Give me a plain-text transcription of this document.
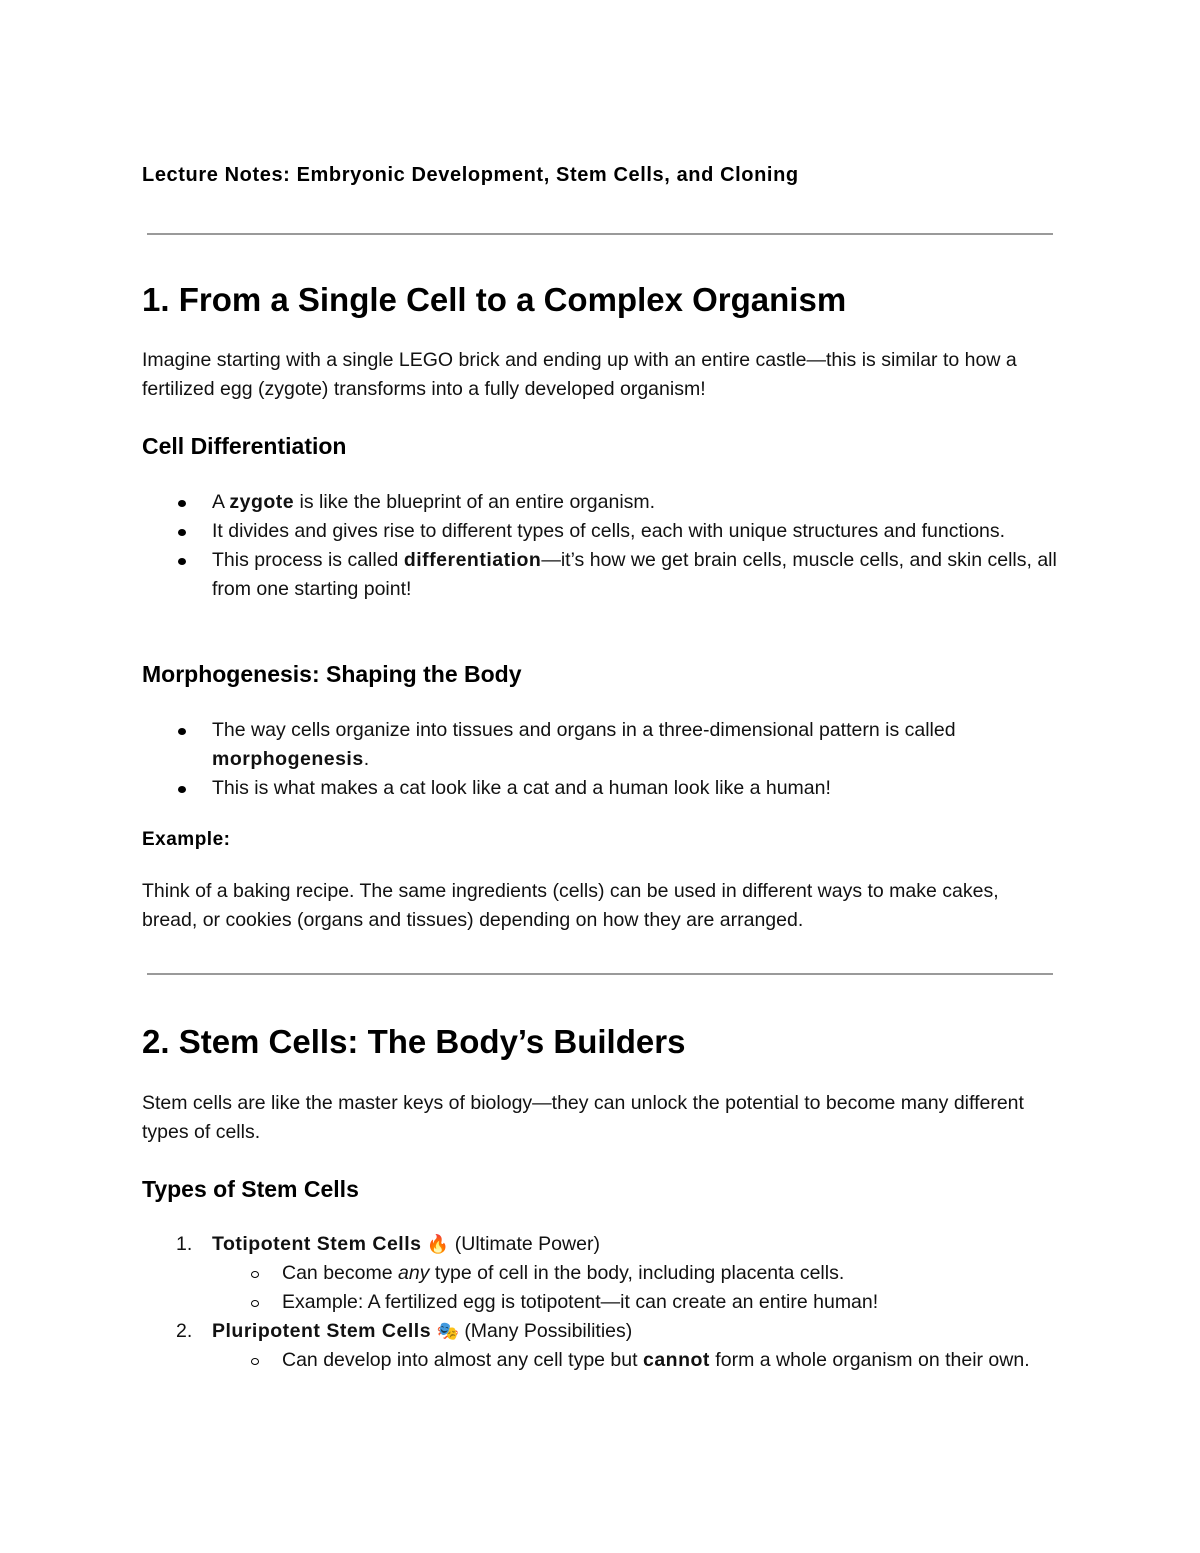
Lecture Notes: Embryonic Development, Stem Cells, and Cloning
1. From a Single Cell to a Complex Organism
Imagine starting with a single LEGO brick and ending up with an entire castle—this is similar to how a fertilized egg (zygote) transforms into a fully developed organism!
Cell Differentiation
A zygote is like the blueprint of an entire organism.
It divides and gives rise to different types of cells, each with unique structures and functions.
This process is called differentiation—it’s how we get brain cells, muscle cells, and skin cells, all from one starting point!
Morphogenesis: Shaping the Body
The way cells organize into tissues and organs in a three-dimensional pattern is called morphogenesis.
This is what makes a cat look like a cat and a human look like a human!
Example:
Think of a baking recipe. The same ingredients (cells) can be used in different ways to make cakes, bread, or cookies (organs and tissues) depending on how they are arranged.
2. Stem Cells: The Body’s Builders
Stem cells are like the master keys of biology—they can unlock the potential to become many different types of cells.
Types of Stem Cells
1.	Totipotent Stem Cells 🔥 (Ultimate Power)
Can become any type of cell in the body, including placenta cells.
Example: A fertilized egg is totipotent—it can create an entire human!
2.	Pluripotent Stem Cells 🎭 (Many Possibilities)
Can develop into almost any cell type but cannot form a whole organism on their own.
